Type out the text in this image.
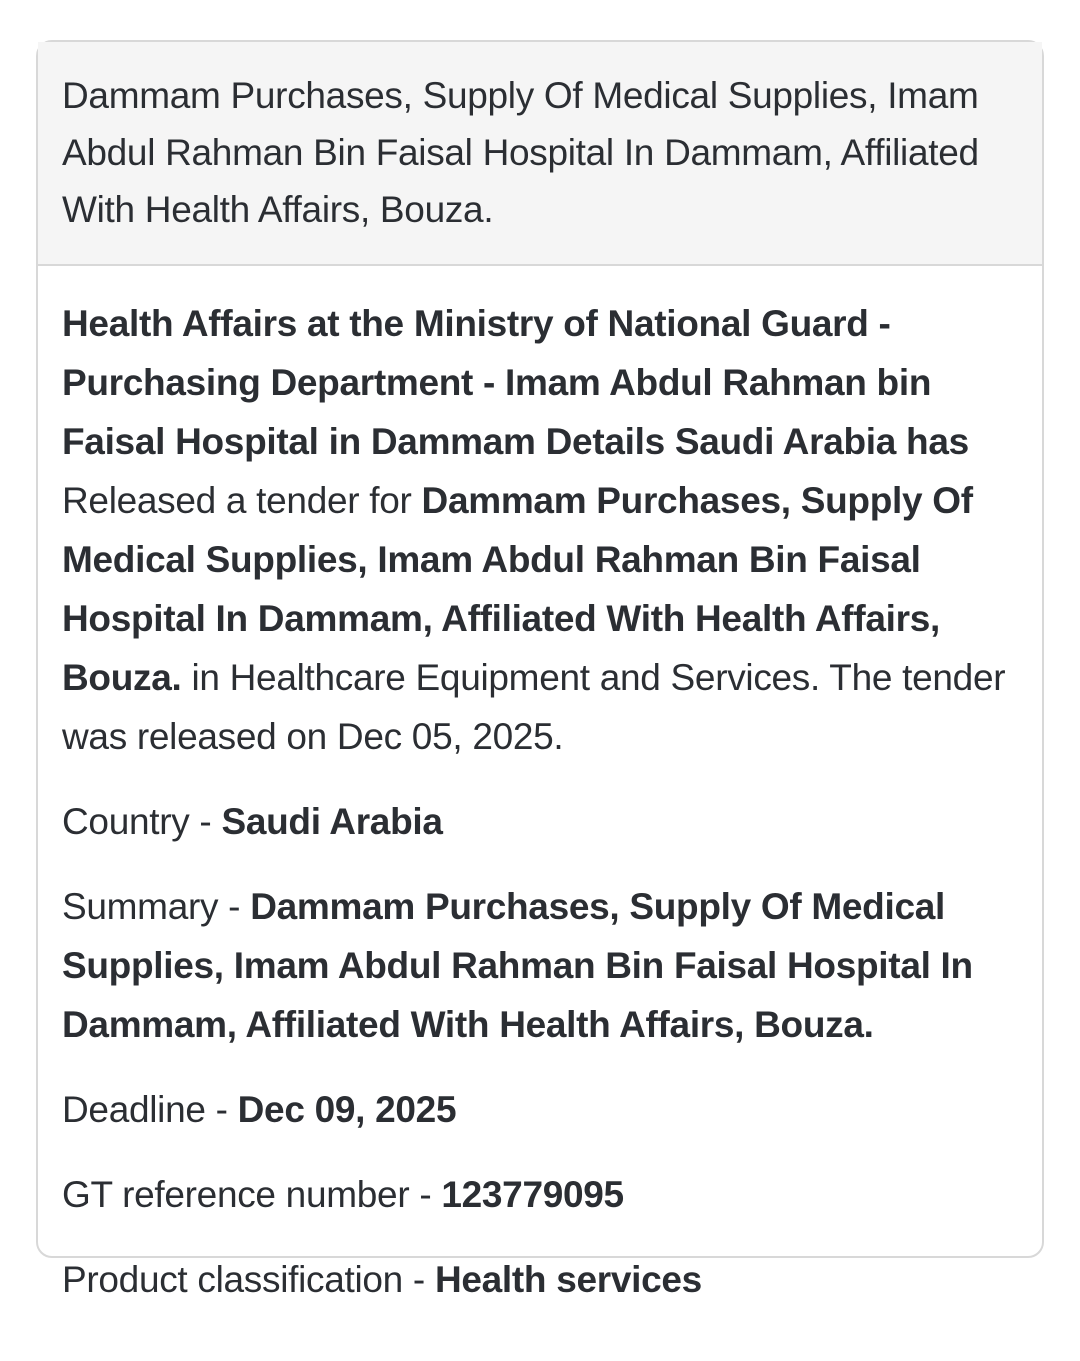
Dammam Purchases, Supply Of Medical Supplies, Imam Abdul Rahman Bin Faisal Hospital In Dammam, Affiliated With Health Affairs, Bouza.

Health Affairs at the Ministry of National Guard - Purchasing Department - Imam Abdul Rahman bin Faisal Hospital in Dammam Details Saudi Arabia has Released a tender for Dammam Purchases, Supply Of Medical Supplies, Imam Abdul Rahman Bin Faisal Hospital In Dammam, Affiliated With Health Affairs, Bouza. in Healthcare Equipment and Services. The tender was released on Dec 05, 2025.

Country - Saudi Arabia

Summary - Dammam Purchases, Supply Of Medical Supplies, Imam Abdul Rahman Bin Faisal Hospital In Dammam, Affiliated With Health Affairs, Bouza.

Deadline - Dec 09, 2025

GT reference number - 123779095

Product classification - Health services
